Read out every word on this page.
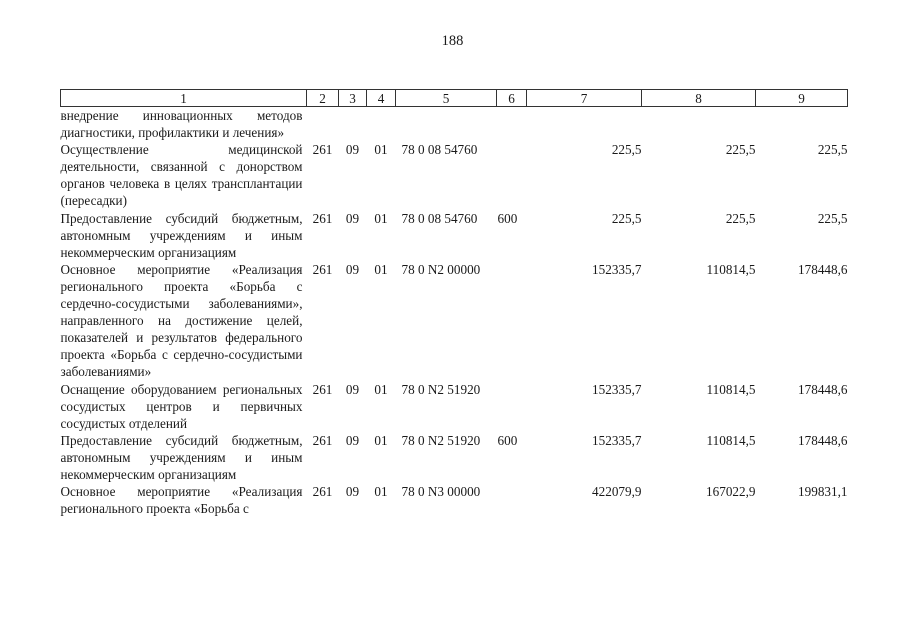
188
1	2	3	4	5	6	7	8	9
внедрение инновационных методов диагностики, профилактики и лечения»								
Осуществление медицинской деятельности, связанной с донорством органов человека в целях трансплантации (пересадки)	261	09	01	78 0 08 54760		225,5	225,5	225,5
Предоставление субсидий бюджетным, автономным учреждениям и иным некоммерческим организациям	261	09	01	78 0 08 54760	600	225,5	225,5	225,5
Основное мероприятие «Реализация регионального проекта «Борьба с сердечно-сосудистыми заболеваниями», направленного на достижение целей, показателей и результатов федерального проекта «Борьба с сердечно-сосудистыми заболеваниями»	261	09	01	78 0 N2 00000		152335,7	110814,5	178448,6
Оснащение оборудованием региональных сосудистых центров и первичных сосудистых отделений	261	09	01	78 0 N2 51920		152335,7	110814,5	178448,6
Предоставление субсидий бюджетным, автономным учреждениям и иным некоммерческим организациям	261	09	01	78 0 N2 51920	600	152335,7	110814,5	178448,6
Основное мероприятие «Реализация регионального проекта «Борьба с	261	09	01	78 0 N3 00000		422079,9	167022,9	199831,1
